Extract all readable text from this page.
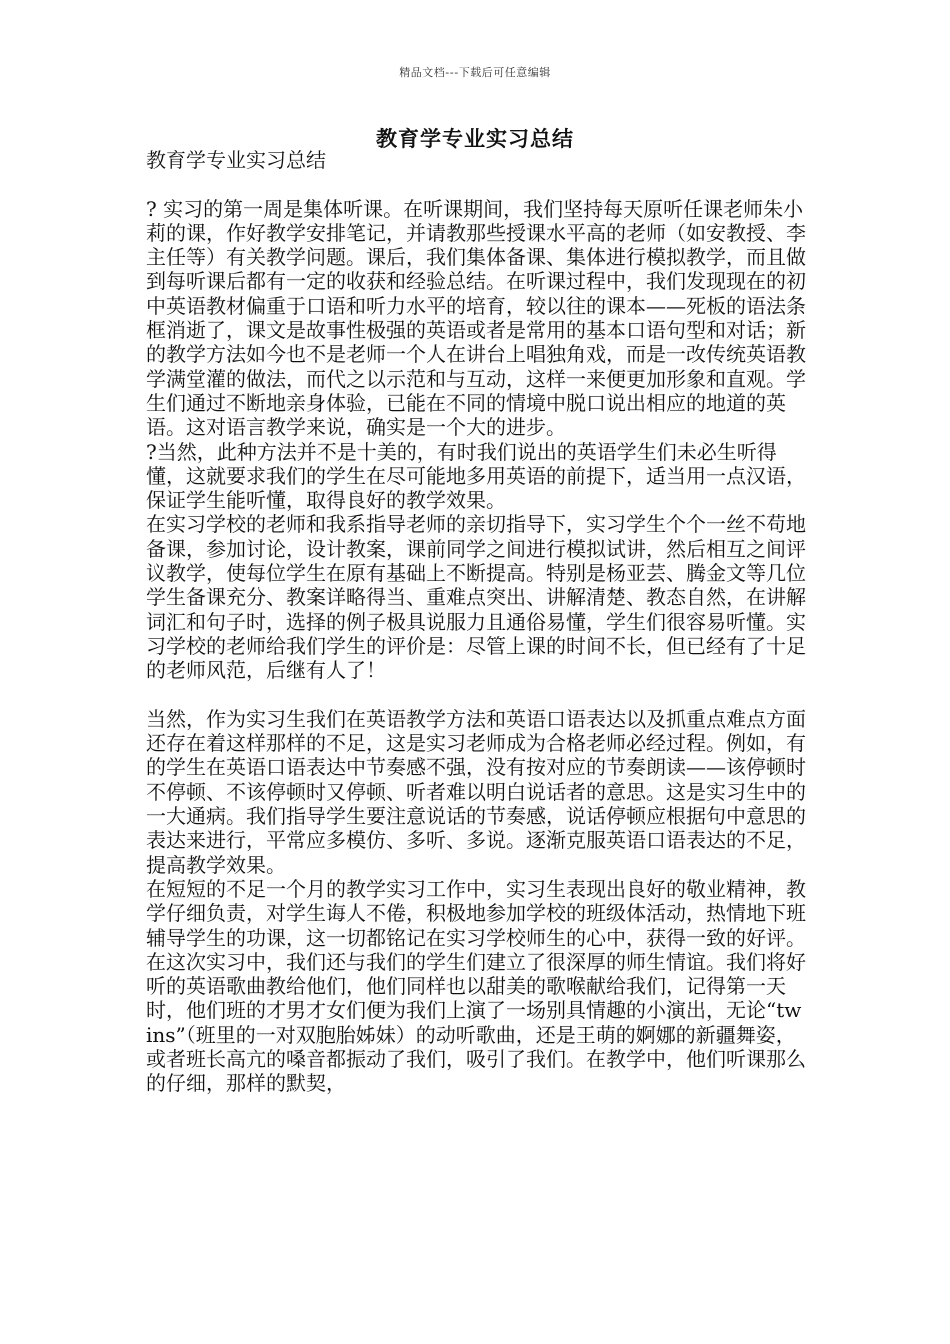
精品文档---下载后可任意编辑
教育学专业实习总结

教育学专业实习总结

? 实习的第一周是集体听课。在听课期间，我们坚持每天原听任课老师朱小莉的课，作好教学安排笔记，并请教那些授课水平高的老师（如安教授、李主任等）有关教学问题。课后，我们集体备课、集体进行模拟教学，而且做到每听课后都有一定的收获和经验总结。在听课过程中，我们发现现在的初中英语教材偏重于口语和听力水平的培育，较以往的课本——死板的语法条框消逝了，课文是故事性极强的英语或者是常用的基本口语句型和对话；新的教学方法如今也不是老师一个人在讲台上唱独角戏，而是一改传统英语教学满堂灌的做法，而代之以示范和与互动，这样一来便更加形象和直观。学生们通过不断地亲身体验，已能在不同的情境中脱口说出相应的地道的英语。这对语言教学来说，确实是一个大的进步。

?当然，此种方法并不是十美的，有时我们说出的英语学生们未必生听得懂，这就要求我们的学生在尽可能地多用英语的前提下，适当用一点汉语，保证学生能听懂，取得良好的教学效果。

在实习学校的老师和我系指导老师的亲切指导下，实习学生个个一丝不苟地备课，参加讨论，设计教案，课前同学之间进行模拟试讲，然后相互之间评议教学，使每位学生在原有基础上不断提高。特别是杨亚芸、腾金文等几位学生备课充分、教案详略得当、重难点突出、讲解清楚、教态自然，在讲解词汇和句子时，选择的例子极具说服力且通俗易懂，学生们很容易听懂。实习学校的老师给我们学生的评价是：尽管上课的时间不长，但已经有了十足的老师风范，后继有人了！

当然，作为实习生我们在英语教学方法和英语口语表达以及抓重点难点方面还存在着这样那样的不足，这是实习老师成为合格老师必经过程。例如，有的学生在英语口语表达中节奏感不强，没有按对应的节奏朗读——该停顿时不停顿、不该停顿时又停顿、听者难以明白说话者的意思。这是实习生中的一大通病。我们指导学生要注意说话的节奏感，说话停顿应根据句中意思的表达来进行，平常应多模仿、多听、多说。逐渐克服英语口语表达的不足，提高教学效果。

在短短的不足一个月的教学实习工作中，实习生表现出良好的敬业精神，教学仔细负责，对学生诲人不倦，积极地参加学校的班级体活动，热情地下班辅导学生的功课，这一切都铭记在实习学校师生的心中，获得一致的好评。

在这次实习中，我们还与我们的学生们建立了很深厚的师生情谊。我们将好听的英语歌曲教给他们，他们同样也以甜美的歌喉献给我们，记得第一天时，他们班的才男才女们便为我们上演了一场别具情趣的小演出，无论“twins”（班里的一对双胞胎姊妹）的动听歌曲，还是王萌的婀娜的新疆舞姿，或者班长高亢的嗓音都振动了我们，吸引了我们。在教学中，他们听课那么的仔细，那样的默契，
